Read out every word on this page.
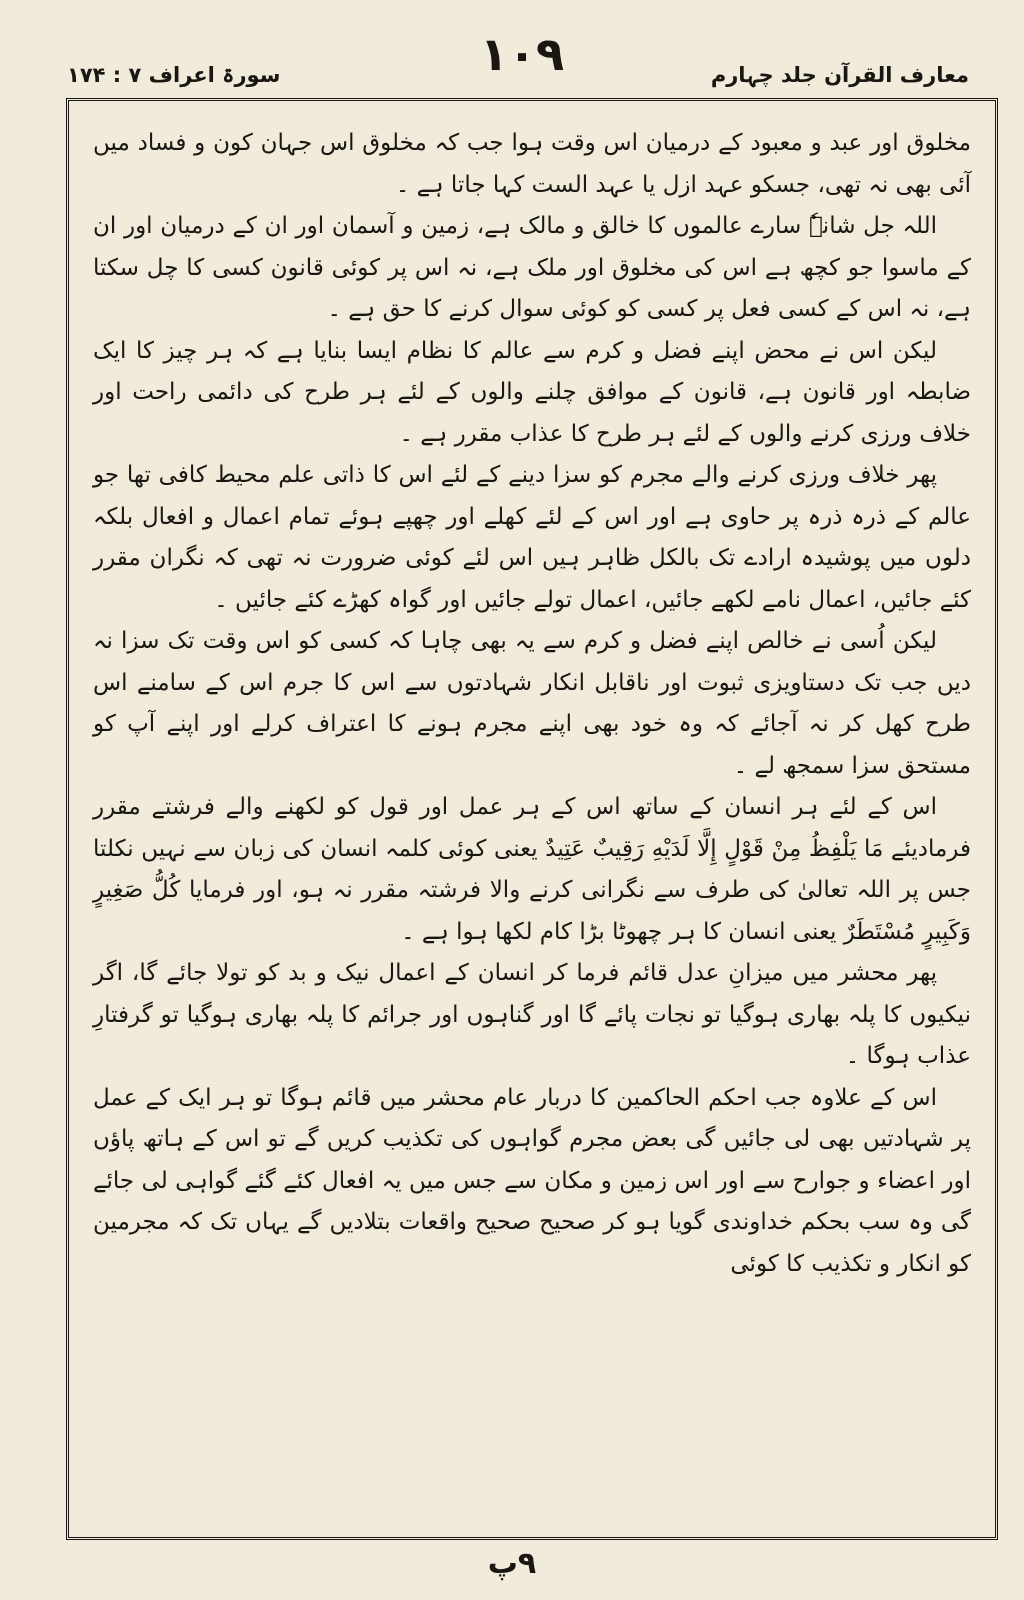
۱۰۹
سورۃ اعراف ۷ : ۱۷۴	معارف القرآن جلد چہارم

مخلوق اور عبد و معبود کے درمیان اس وقت ہوا جب کہ مخلوق اس جہان کون و فساد میں آئی بھی نہ تھی، جسکو عہد ازل یا عہد الست کہا جاتا ہے ۔

اللہ جل شانہٗ سارے عالموں کا خالق و مالک ہے، زمین و آسمان اور ان کے درمیان اور ان کے ماسوا جو کچھ ہے اس کی مخلوق اور ملک ہے، نہ اس پر کوئی قانون کسی کا چل سکتا ہے، نہ اس کے کسی فعل پر کسی کو کوئی سوال کرنے کا حق ہے ۔

لیکن اس نے محض اپنے فضل و کرم سے عالم کا نظام ایسا بنایا ہے کہ ہر چیز کا ایک ضابطہ اور قانون ہے، قانون کے موافق چلنے والوں کے لئے ہر طرح کی دائمی راحت اور خلاف ورزی کرنے والوں کے لئے ہر طرح کا عذاب مقرر ہے ۔

پھر خلاف ورزی کرنے والے مجرم کو سزا دینے کے لئے اس کا ذاتی علم محیط کافی تھا جو عالم کے ذرہ ذرہ پر حاوی ہے اور اس کے لئے کھلے اور چھپے ہوئے تمام اعمال و افعال بلکہ دلوں میں پوشیدہ ارادے تک بالکل ظاہر ہیں اس لئے کوئی ضرورت نہ تھی کہ نگران مقرر کئے جائیں، اعمال نامے لکھے جائیں، اعمال تولے جائیں اور گواہ کھڑے کئے جائیں ۔

لیکن اُسی نے خالص اپنے فضل و کرم سے یہ بھی چاہا کہ کسی کو اس وقت تک سزا نہ دیں جب تک دستاویزی ثبوت اور ناقابل انکار شہادتوں سے اس کا جرم اس کے سامنے اس طرح کھل کر نہ آجائے کہ وہ خود بھی اپنے مجرم ہونے کا اعتراف کرلے اور اپنے آپ کو مستحق سزا سمجھ لے ۔

اس کے لئے ہر انسان کے ساتھ اس کے ہر عمل اور قول کو لکھنے والے فرشتے مقرر فرمادیئے مَا يَلْفِظُ مِنْ قَوْلٍ إِلَّا لَدَيْهِ رَقِيبٌ عَتِيدٌ یعنی کوئی کلمہ انسان کی زبان سے نہیں نکلتا جس پر اللہ تعالیٰ کی طرف سے نگرانی کرنے والا فرشتہ مقرر نہ ہو، اور فرمایا كُلُّ صَغِيرٍ وَكَبِيرٍ مُسْتَطَرٌ یعنی انسان کا ہر چھوٹا بڑا کام لکھا ہوا ہے ۔

پھر محشر میں میزانِ عدل قائم فرما کر انسان کے اعمال نیک و بد کو تولا جائے گا، اگر نیکیوں کا پلہ بھاری ہوگیا تو نجات پائے گا اور گناہوں اور جرائم کا پلہ بھاری ہوگیا تو گرفتارِ عذاب ہوگا ۔

اس کے علاوہ جب احکم الحاکمین کا دربار عام محشر میں قائم ہوگا تو ہر ایک کے عمل پر شہادتیں بھی لی جائیں گی بعض مجرم گواہوں کی تکذیب کریں گے تو اس کے ہاتھ پاؤں اور اعضاء و جوارح سے اور اس زمین و مکان سے جس میں یہ افعال کئے گئے گواہی لی جائے گی وہ سب بحکم خداوندی گویا ہو کر صحیح صحیح واقعات بتلادیں گے یہاں تک کہ مجرمین کو انکار و تکذیب کا کوئی

۹پ
